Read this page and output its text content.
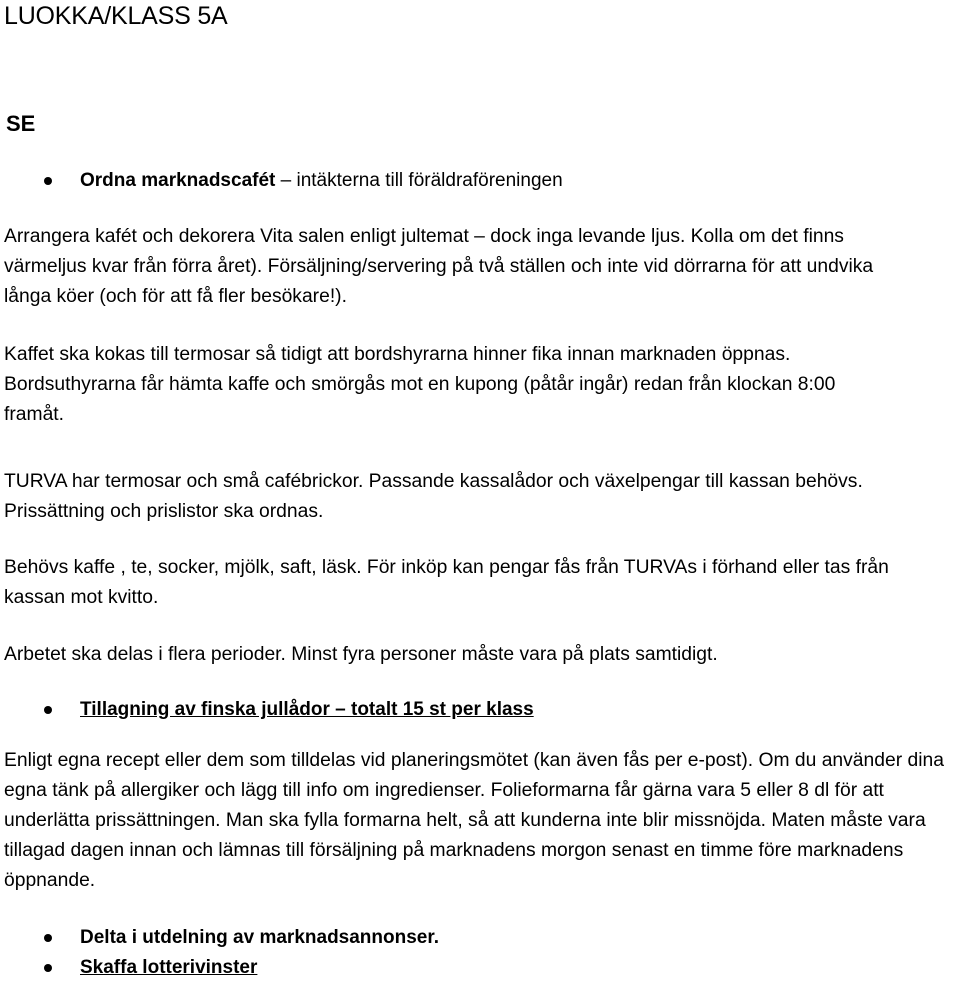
LUOKKA/KLASS 5A
SE
Ordna marknadscafét – intäkterna till föräldraföreningen
Arrangera kafét och dekorera Vita salen enligt jultemat – dock inga levande ljus. Kolla om det finns
värmeljus kvar från förra året). Försäljning/servering på två ställen och inte vid dörrarna för att undvika
långa köer (och för att få fler besökare!).
Kaffet ska kokas till termosar så tidigt att bordshyrarna hinner fika innan marknaden öppnas.
Bordsuthyrarna får hämta kaffe och smörgås mot en kupong (påtår ingår) redan från klockan 8:00
framåt.
TURVA har termosar och små cafébrickor. Passande kassalådor och växelpengar till kassan behövs.
Prissättning och prislistor ska ordnas.
Behövs kaffe , te, socker, mjölk, saft, läsk. För inköp kan pengar fås från TURVAs i förhand eller tas från
kassan mot kvitto.
Arbetet ska delas i flera perioder. Minst fyra personer måste vara på plats samtidigt.
Tillagning av finska jullådor – totalt 15 st per klass
Enligt egna recept eller dem som tilldelas vid planeringsmötet (kan även fås per e-post). Om du använder dina
egna tänk på allergiker och lägg till info om ingredienser. Folieformarna får gärna vara 5 eller 8 dl för att
underlätta prissättningen. Man ska fylla formarna helt, så att kunderna inte blir missnöjda. Maten måste vara
tillagad dagen innan och lämnas till försäljning på marknadens morgon senast en timme före marknadens
öppnande.
Delta i utdelning av marknadsannonser.
Skaffa lotterivinster
